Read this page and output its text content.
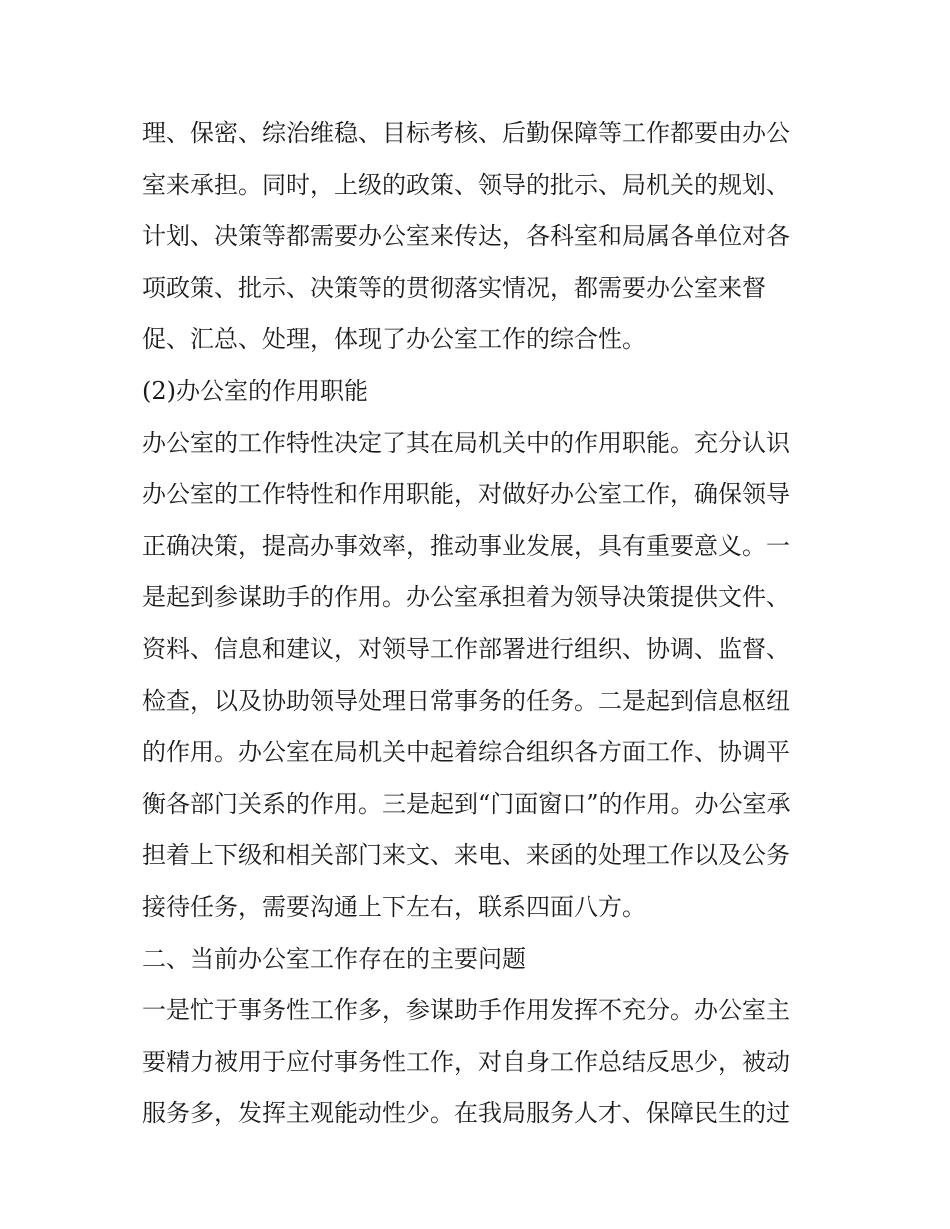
理、保密、综治维稳、目标考核、后勤保障等工作都要由办公
室来承担。同时，上级的政策、领导的批示、局机关的规划、
计划、决策等都需要办公室来传达，各科室和局属各单位对各
项政策、批示、决策等的贯彻落实情况，都需要办公室来督
促、汇总、处理，体现了办公室工作的综合性。
(2)办公室的作用职能
办公室的工作特性决定了其在局机关中的作用职能。充分认识
办公室的工作特性和作用职能，对做好办公室工作，确保领导
正确决策，提高办事效率，推动事业发展，具有重要意义。一
是起到参谋助手的作用。办公室承担着为领导决策提供文件、
资料、信息和建议，对领导工作部署进行组织、协调、监督、
检查，以及协助领导处理日常事务的任务。二是起到信息枢纽
的作用。办公室在局机关中起着综合组织各方面工作、协调平
衡各部门关系的作用。三是起到“门面窗口”的作用。办公室承
担着上下级和相关部门来文、来电、来函的处理工作以及公务
接待任务，需要沟通上下左右，联系四面八方。
二、当前办公室工作存在的主要问题
一是忙于事务性工作多，参谋助手作用发挥不充分。办公室主
要精力被用于应付事务性工作，对自身工作总结反思少，被动
服务多，发挥主观能动性少。在我局服务人才、保障民生的过
